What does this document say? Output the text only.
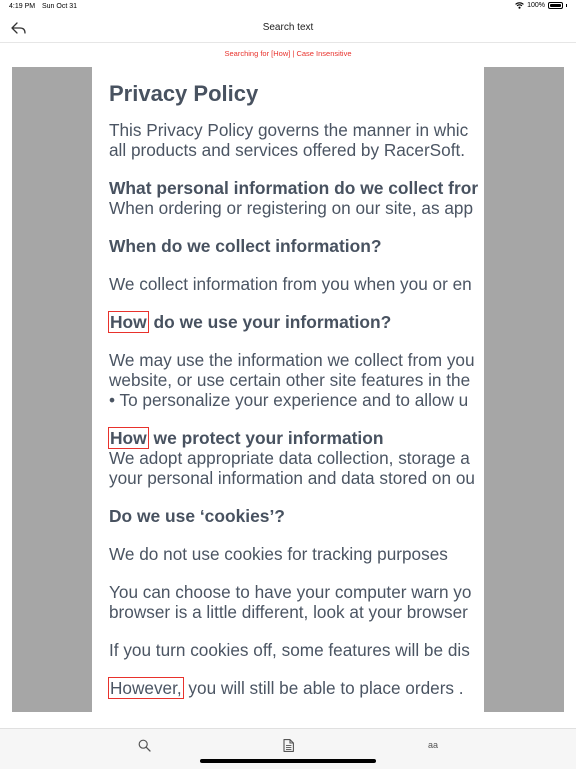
4:19 PM Sun Oct 31	100%
Search text
Searching for [How] | Case Insensitive
Privacy Policy
This Privacy Policy governs the manner in whic
all products and services offered by RacerSoft.
What personal information do we collect fror
When ordering or registering on our site, as app
When do we collect information?
We collect information from you when you or en
How do we use your information?
We may use the information we collect from you
website, or use certain other site features in the
• To personalize your experience and to allow u
How we protect your information
We adopt appropriate data collection, storage a
your personal information and data stored on ou
Do we use ‘cookies’?
We do not use cookies for tracking purposes
You can choose to have your computer warn yo
browser is a little different, look at your browser
If you turn cookies off, some features will be dis
However, you will still be able to place orders .
aa
